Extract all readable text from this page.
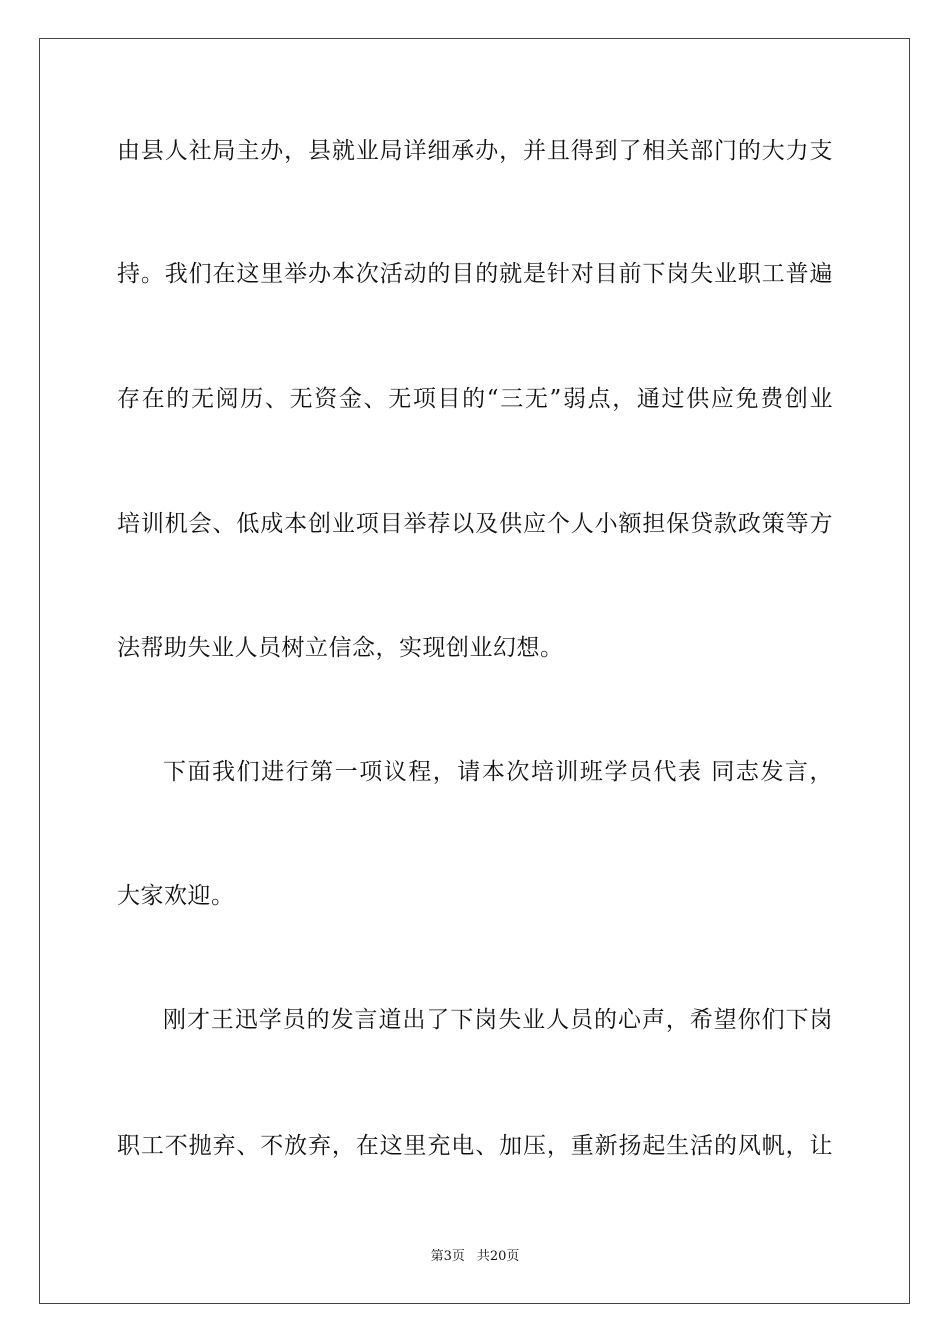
由县人社局主办，县就业局详细承办，并且得到了相关部门的大力支
持。我们在这里举办本次活动的目的就是针对目前下岗失业职工普遍
存在的无阅历、无资金、无项目的“三无”弱点，通过供应免费创业
培训机会、低成本创业项目举荐以及供应个人小额担保贷款政策等方
法帮助失业人员树立信念，实现创业幻想。
下面我们进行第一项议程，请本次培训班学员代表 同志发言，
大家欢迎。
刚才王迅学员的发言道出了下岗失业人员的心声，希望你们下岗
职工不抛弃、不放弃，在这里充电、加压，重新扬起生活的风帆，让
第3页 共20页
